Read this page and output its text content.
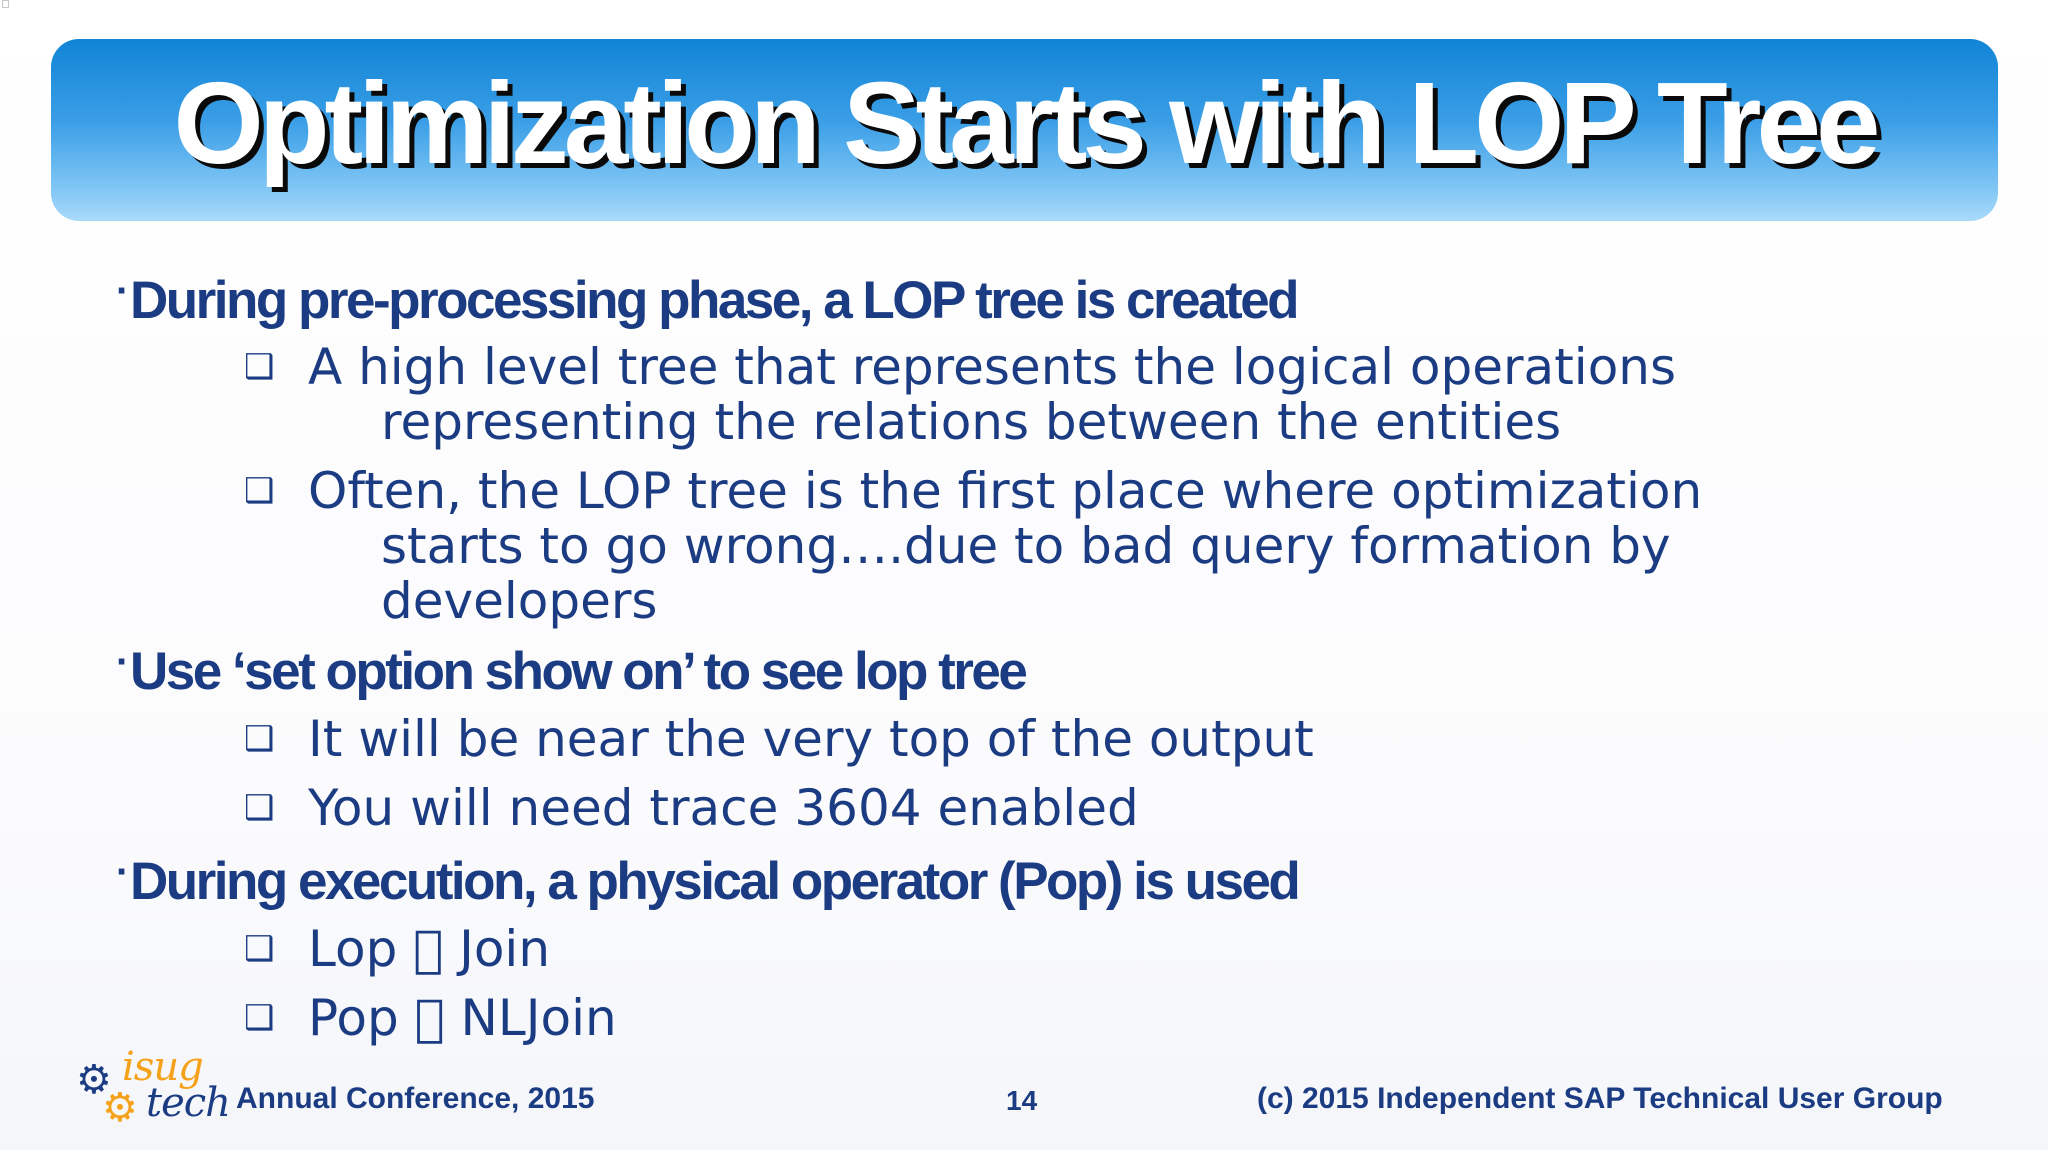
Optimization Starts with LOP Tree
·During pre-processing phase, a LOP tree is created
❑ A high level tree that represents the logical operations
representing the relations between the entities
❑ Often, the LOP tree is the first place where optimization
starts to go wrong….due to bad query formation by
developers
·Use ‘set option show on’ to see lop tree
❑ It will be near the very top of the output
❑ You will need trace 3604 enabled
·During execution, a physical operator (Pop) is used
❑ Lop   Join
❑ Pop   NLJoin
⚙
⚙
isug
tech Annual Conference, 2015	14	(c) 2015 Independent SAP Technical User Group
